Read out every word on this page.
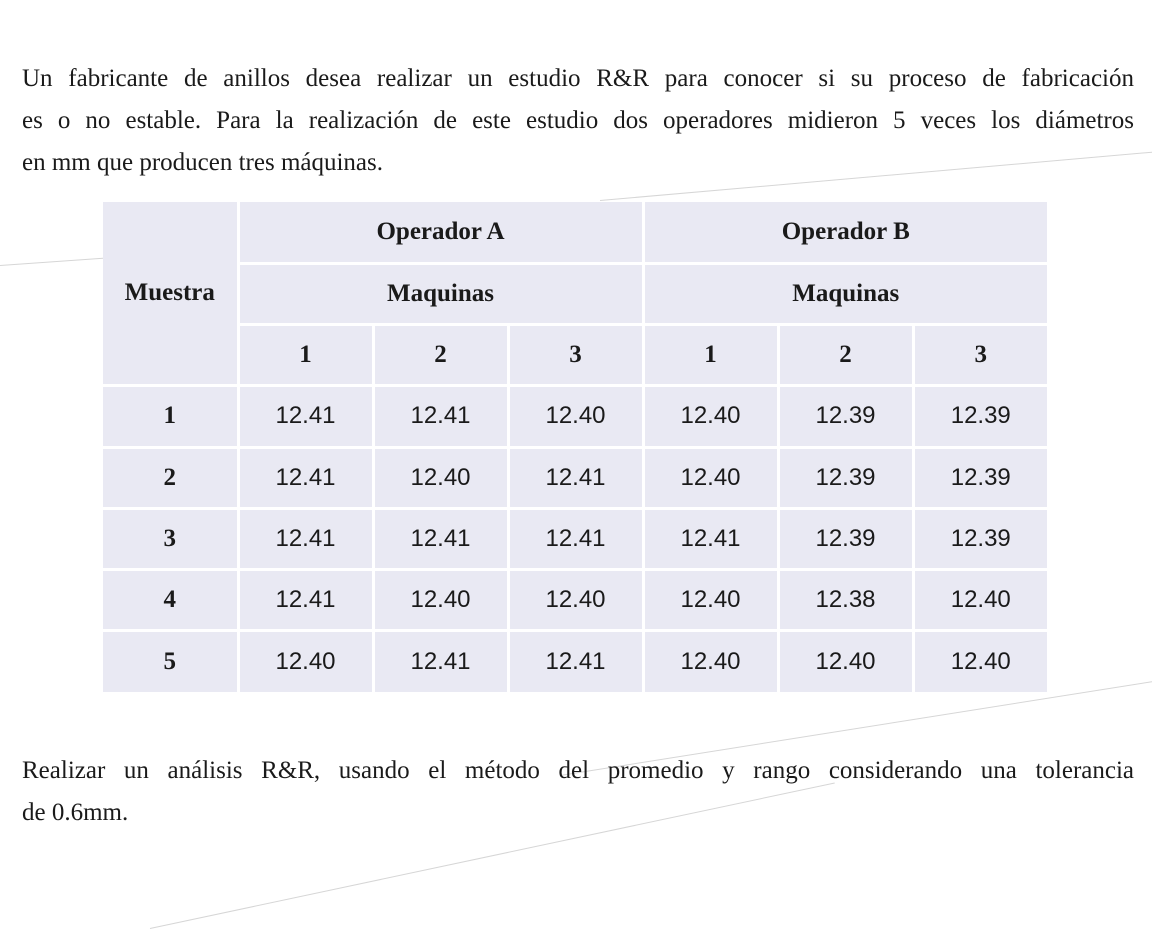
Un fabricante de anillos desea realizar un estudio R&R para conocer si su proceso de fabricación
es o no estable. Para la realización de este estudio dos operadores midieron 5 veces los diámetros
en mm que producen tres máquinas.
Muestra	Operador A			Operador B		
	Maquinas			Maquinas		
	1	2	3	1	2	3
1	12.41	12.41	12.40	12.40	12.39	12.39
2	12.41	12.40	12.41	12.40	12.39	12.39
3	12.41	12.41	12.41	12.41	12.39	12.39
4	12.41	12.40	12.40	12.40	12.38	12.40
5	12.40	12.41	12.41	12.40	12.40	12.40
Realizar un análisis R&R, usando el método del promedio y rango considerando una tolerancia
de 0.6mm.
